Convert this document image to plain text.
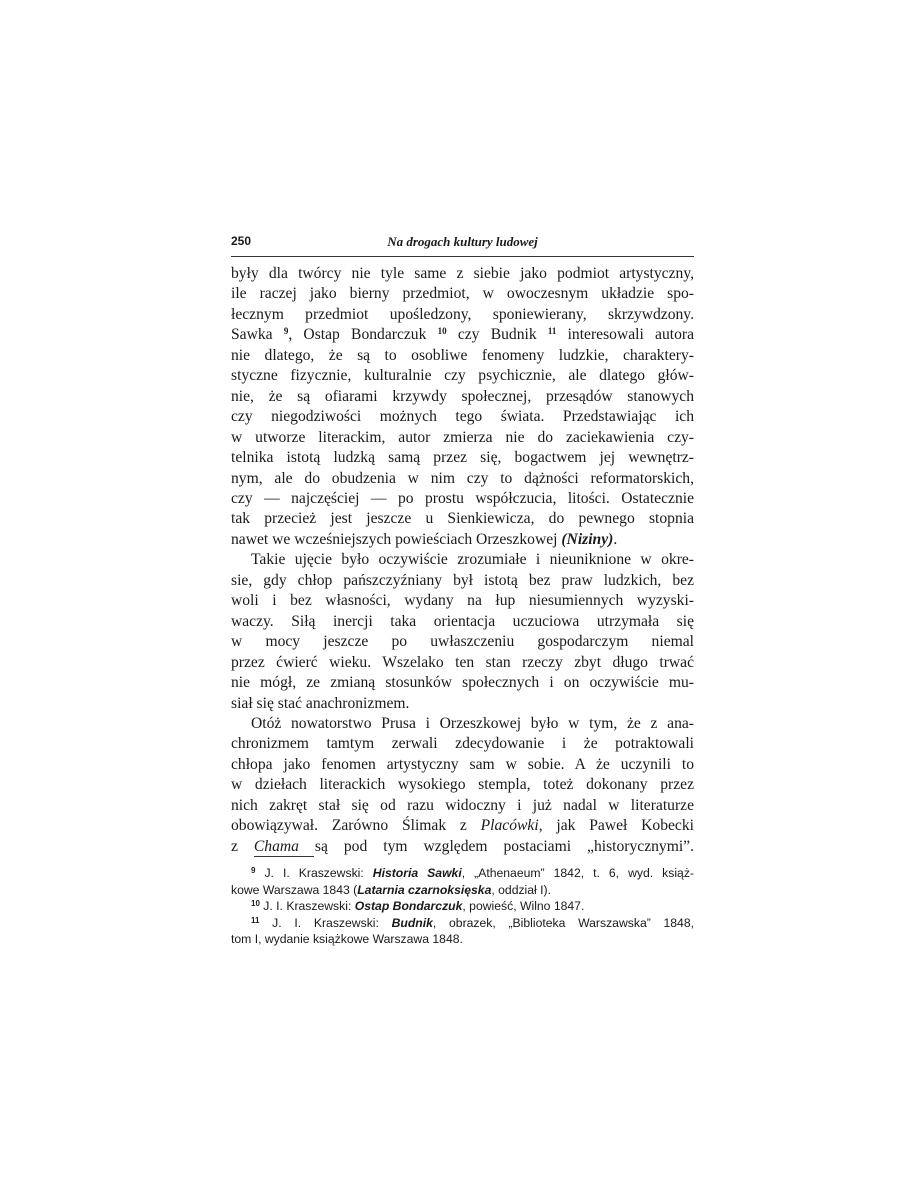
250	Na drogach kultury ludowej
były dla twórcy nie tyle same z siebie jako podmiot artystyczny,
ile raczej jako bierny przedmiot, w owoczesnym układzie spo-
łecznym przedmiot upośledzony, sponiewierany, skrzywdzony.
Sawka $^9$, Ostap Bondarczuk $^{10}$ czy Budnik $^{11}$ interesowali autora
nie dlatego, że są to osobliwe fenomeny ludzkie, charaktery-
styczne fizycznie, kulturalnie czy psychicznie, ale dlatego głów-
nie, że są ofiarami krzywdy społecznej, przesądów stanowych
czy niegodziwości możnych tego świata. Przedstawiając ich
w utworze literackim, autor zmierza nie do zaciekawienia czy-
telnika istotą ludzką samą przez się, bogactwem jej wewnętrz-
nym, ale do obudzenia w nim czy to dążności reformatorskich,
czy — najczęściej — po prostu współczucia, litości. Ostatecznie
tak przecież jest jeszcze u Sienkiewicza, do pewnego stopnia
nawet we wcześniejszych powieściach Orzeszkowej (Niziny).
Takie ujęcie było oczywiście zrozumiałe i nieuniknione w okre-
sie, gdy chłop pańszczyźniany był istotą bez praw ludzkich, bez
woli i bez własności, wydany na łup niesumiennych wyzyski-
waczy. Siłą inercji taka orientacja uczuciowa utrzymała się
w mocy jeszcze po uwłaszczeniu gospodarczym niemal
przez ćwierć wieku. Wszelako ten stan rzeczy zbyt długo trwać
nie mógł, ze zmianą stosunków społecznych i on oczywiście mu-
siał się stać anachronizmem.
Otóż nowatorstwo Prusa i Orzeszkowej było w tym, że z ana-
chronizmem tamtym zerwali zdecydowanie i że potraktowali
chłopa jako fenomen artystyczny sam w sobie. A że uczynili to
w dziełach literackich wysokiego stempla, toteż dokonany przez
nich zakręt stał się od razu widoczny i już nadal w literaturze
obowiązywał. Zarówno Ślimak z Placówki, jak Paweł Kobecki
z Chama są pod tym względem postaciami „historycznymi”.
$^9$ J. I. Kraszewski: Historia Sawki, „Athenaeum” 1842, t. 6, wyd. książ-
kowe Warszawa 1843 (Latarnia czarnoksięska, oddział I).
$^{10}$ J. I. Kraszewski: Ostap Bondarczuk, powieść, Wilno 1847.
$^{11}$ J. I. Kraszewski: Budnik, obrazek, „Biblioteka Warszawska” 1848,
tom I, wydanie książkowe Warszawa 1848.
